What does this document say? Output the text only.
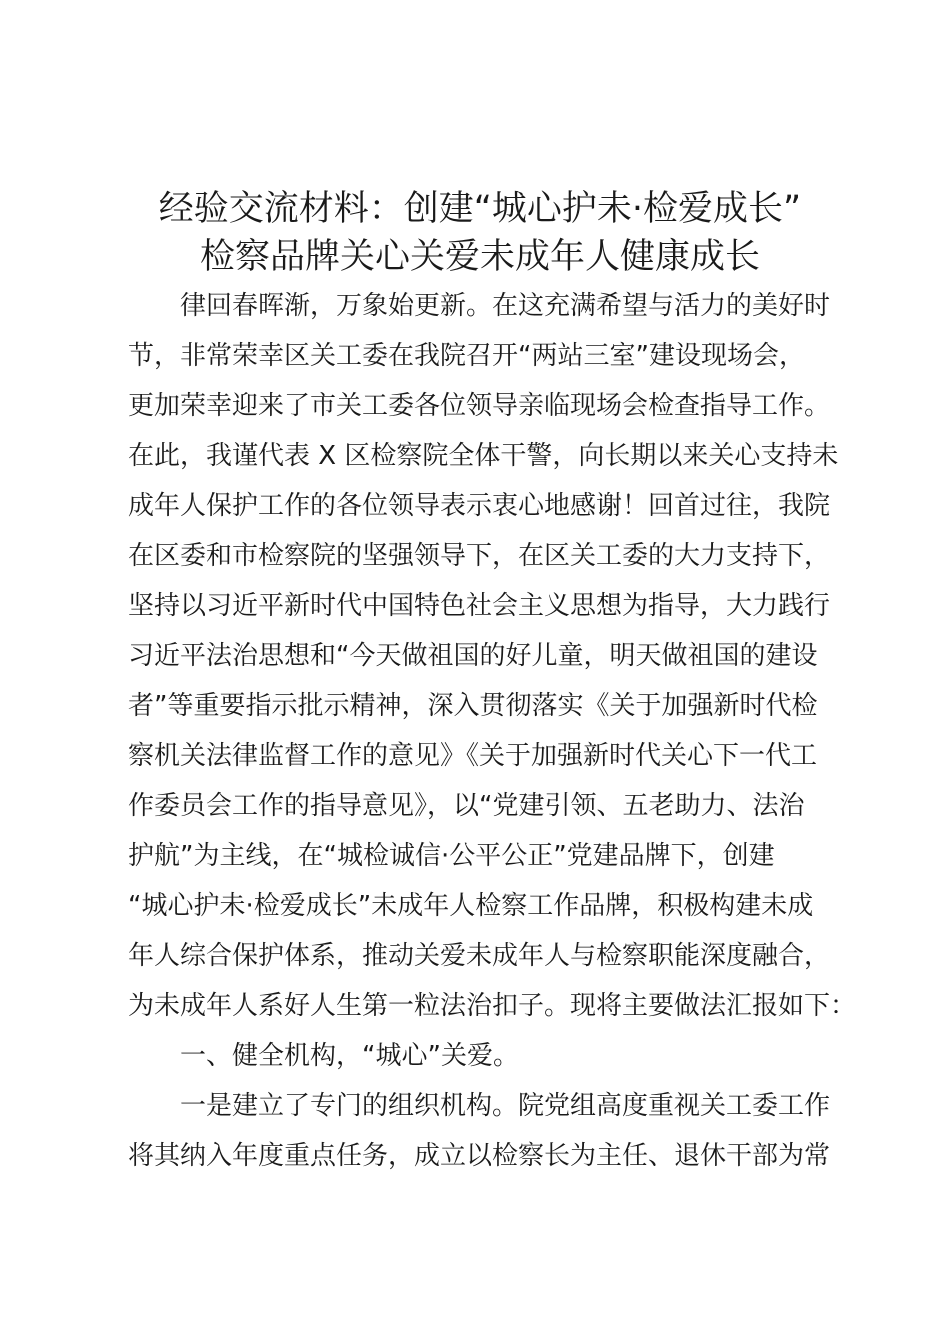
经验交流材料：创建“城心护未·检爱成长”
检察品牌关心关爱未成年人健康成长
律回春晖渐，万象始更新。在这充满希望与活力的美好时
节，非常荣幸区关工委在我院召开“两站三室”建设现场会，
更加荣幸迎来了市关工委各位领导亲临现场会检查指导工作。
在此，我谨代表 X 区检察院全体干警，向长期以来关心支持未
成年人保护工作的各位领导表示衷心地感谢！回首过往，我院
在区委和市检察院的坚强领导下，在区关工委的大力支持下，
坚持以习近平新时代中国特色社会主义思想为指导，大力践行
习近平法治思想和“今天做祖国的好儿童，明天做祖国的建设
者”等重要指示批示精神，深入贯彻落实《关于加强新时代检
察机关法律监督工作的意见》《关于加强新时代关心下一代工
作委员会工作的指导意见》，以“党建引领、五老助力、法治
护航”为主线，在“城检诚信·公平公正”党建品牌下，创建
“城心护未·检爱成长”未成年人检察工作品牌，积极构建未成
年人综合保护体系，推动关爱未成年人与检察职能深度融合，
为未成年人系好人生第一粒法治扣子。现将主要做法汇报如下：
一、健全机构，“城心”关爱。
一是建立了专门的组织机构。院党组高度重视关工委工作
将其纳入年度重点任务，成立以检察长为主任、退休干部为常
